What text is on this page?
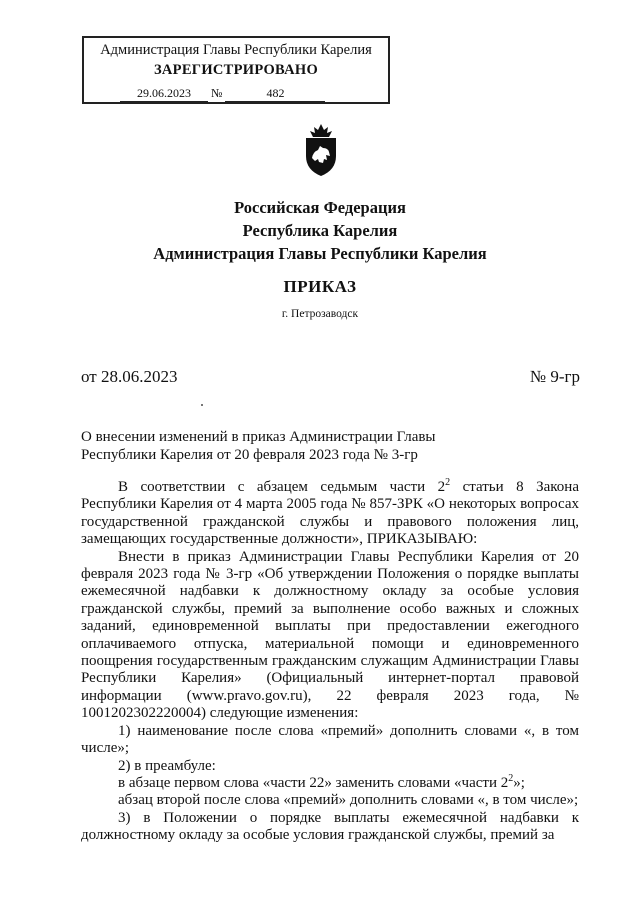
Администрация Главы Республики Карелия
ЗАРЕГИСТРИРОВАНО
29.06.2023 №	482
Российская Федерация
Республика Карелия
Администрация Главы Республики Карелия
ПРИКАЗ
г. Петрозаводск
от 28.06.2023	№ 9-гр
О внесении изменений в приказ Администрации Главы
Республики Карелия от 20 февраля 2023 года № 3-гр

В соответствии с абзацем седьмым части $2^2$ статьи 8 Закона Республики Карелия от 4 марта 2005 года № 857-ЗРК «О некоторых вопросах государственной гражданской службы и правового положения лиц, замещающих государственные должности», ПРИКАЗЫВАЮ:

Внести в приказ Администрации Главы Республики Карелия от 20 февраля 2023 года № 3-гр «Об утверждении Положения о порядке выплаты ежемесячной надбавки к должностному окладу за особые условия гражданской службы, премий за выполнение особо важных и сложных заданий, единовременной выплаты при предоставлении ежегодного оплачиваемого отпуска, материальной помощи и единовременного поощрения государственным гражданским служащим Администрации Главы Республики Карелия» (Официальный интернет-портал правовой информации (www.pravo.gov.ru), 22 февраля 2023 года, № 1001202302220004) следующие изменения:

1) наименование после слова «премий» дополнить словами «, в том числе»;

2) в преамбуле:

в абзаце первом слова «части 22» заменить словами «части $2^2$»;

абзац второй после слова «премий» дополнить словами «, в том числе»;

3) в Положении о порядке выплаты ежемесячной надбавки к должностному окладу за особые условия гражданской службы, премий за
